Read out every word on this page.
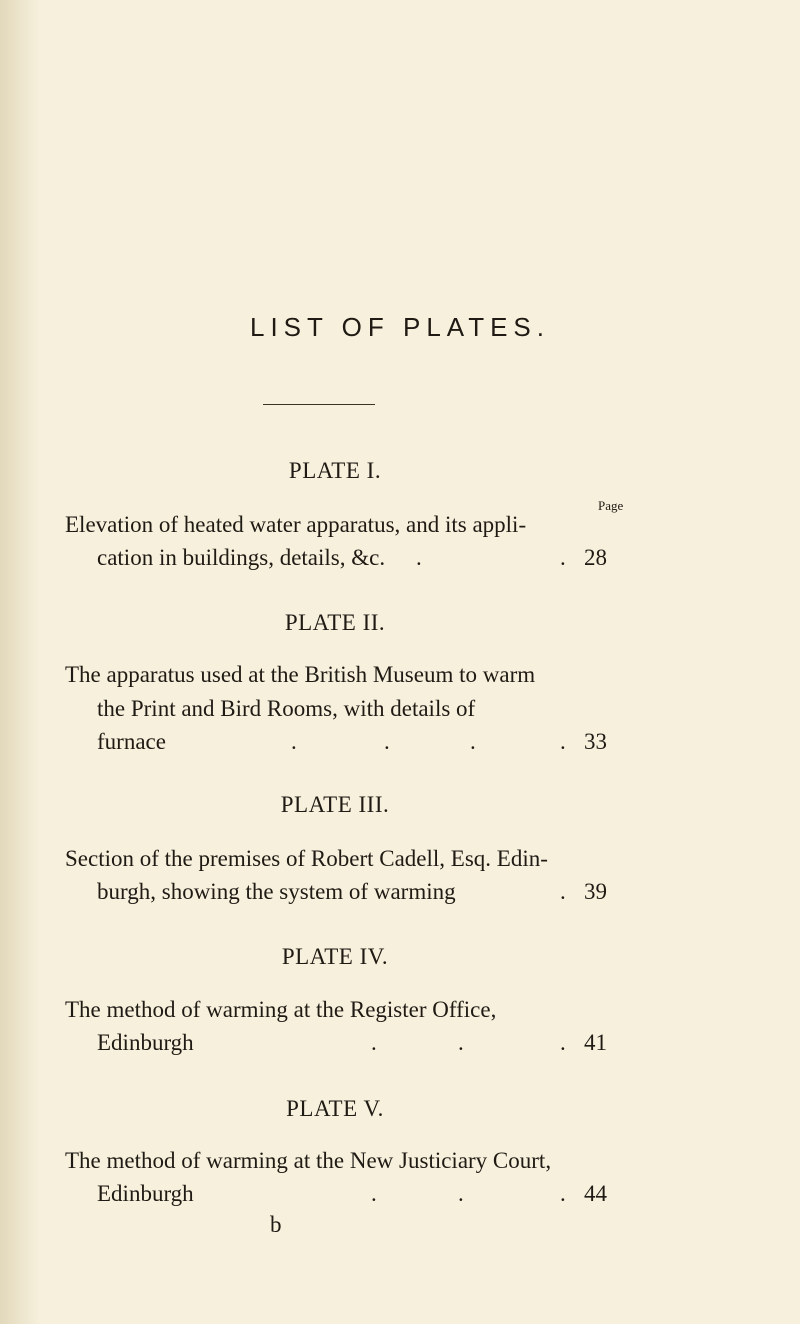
LIST OF PLATES.
PLATE I.
Page
Elevation of heated water apparatus, and its appli-
cation in buildings, details, &c. .	. 28
PLATE II.
The apparatus used at the British Museum to warm
the Print and Bird Rooms, with details of
furnace	.	.	.	. 33
PLATE III.
Section of the premises of Robert Cadell, Esq. Edin-
burgh, showing the system of warming	. 39
PLATE IV.
The method of warming at the Register Office,
Edinburgh	.	.	. 41
PLATE V.
The method of warming at the New Justiciary Court,
Edinburgh	.	.	. 44
b
